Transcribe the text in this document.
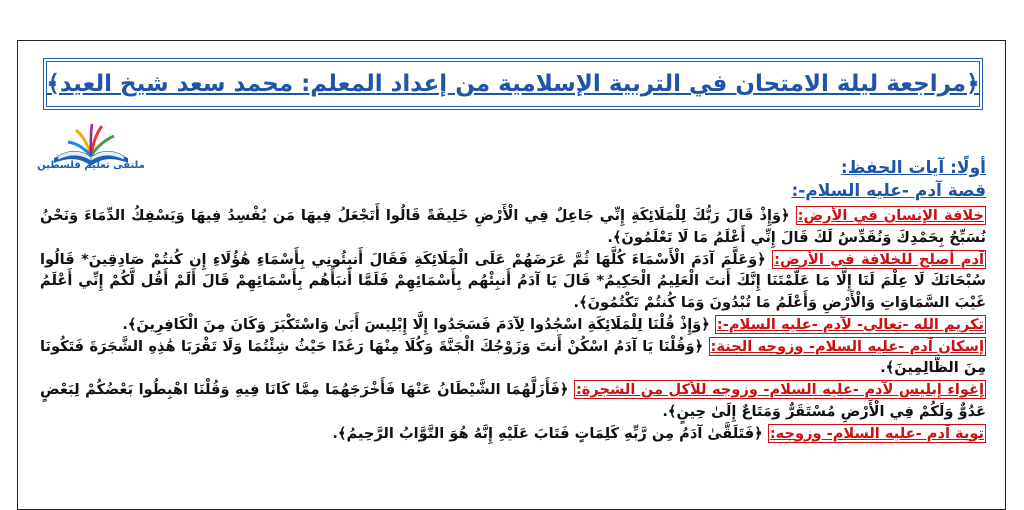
﴿مراجعة ليلة الامتحان في التربية الإسلامية من إعداد المعلم: محمد سعد شيخ العيد﴾
ملتقى تعليم فلسطين	أولًا: آيات الحفظ:
قصة آدم -عليه السلام-:
خلافة الإنسان في الأرض: ﴿وَإِذْ قَالَ رَبُّكَ لِلْمَلَائِكَةِ إِنِّي جَاعِلٌ فِي الْأَرْضِ خَلِيفَةً قَالُوا أَتَجْعَلُ فِيهَا مَن يُفْسِدُ فِيهَا وَيَسْفِكُ الدِّمَاءَ وَنَحْنُ نُسَبِّحُ بِحَمْدِكَ وَنُقَدِّسُ لَكَ قَالَ إِنِّي أَعْلَمُ مَا لَا تَعْلَمُونَ﴾.
آدم أصلح للخلافة في الأرض: ﴿وَعَلَّمَ آدَمَ الْأَسْمَاءَ كُلَّهَا ثُمَّ عَرَضَهُمْ عَلَى الْمَلَائِكَةِ فَقَالَ أَنبِئُونِي بِأَسْمَاءِ هَٰؤُلَاءِ إِن كُنتُمْ صَادِقِينَ* قَالُوا سُبْحَانَكَ لَا عِلْمَ لَنَا إِلَّا مَا عَلَّمْتَنَا إِنَّكَ أَنتَ الْعَلِيمُ الْحَكِيمُ* قَالَ يَا آدَمُ أَنبِئْهُم بِأَسْمَائِهِمْ فَلَمَّا أَنبَأَهُم بِأَسْمَائِهِمْ قَالَ أَلَمْ أَقُل لَّكُمْ إِنِّي أَعْلَمُ غَيْبَ السَّمَاوَاتِ وَالْأَرْضِ وَأَعْلَمُ مَا تُبْدُونَ وَمَا كُنتُمْ تَكْتُمُونَ﴾.
تكريم الله -تعالى- لآدم -عليه السلام-: ﴿وَإِذْ قُلْنَا لِلْمَلَائِكَةِ اسْجُدُوا لِآدَمَ فَسَجَدُوا إِلَّا إِبْلِيسَ أَبَىٰ وَاسْتَكْبَرَ وَكَانَ مِنَ الْكَافِرِينَ﴾.
إسكان آدم -عليه السلام- وزوجه الجنة: ﴿وَقُلْنَا يَا آدَمُ اسْكُنْ أَنتَ وَزَوْجُكَ الْجَنَّةَ وَكُلَا مِنْهَا رَغَدًا حَيْثُ شِئْتُمَا وَلَا تَقْرَبَا هَٰذِهِ الشَّجَرَةَ فَتَكُونَا مِنَ الظَّالِمِينَ﴾.
إغواء إبليس لآدم -عليه السلام- وزوجه للأكل من الشجرة: ﴿فَأَزَلَّهُمَا الشَّيْطَانُ عَنْهَا فَأَخْرَجَهُمَا مِمَّا كَانَا فِيهِ وَقُلْنَا اهْبِطُوا بَعْضُكُمْ لِبَعْضٍ عَدُوٌّ وَلَكُمْ فِي الْأَرْضِ مُسْتَقَرٌّ وَمَتَاعٌ إِلَىٰ حِينٍ﴾.
توبة آدم -عليه السلام- وزوجه: ﴿فَتَلَقَّىٰ آدَمُ مِن رَّبِّهِ كَلِمَاتٍ فَتَابَ عَلَيْهِ إِنَّهُ هُوَ التَّوَّابُ الرَّحِيمُ﴾.
